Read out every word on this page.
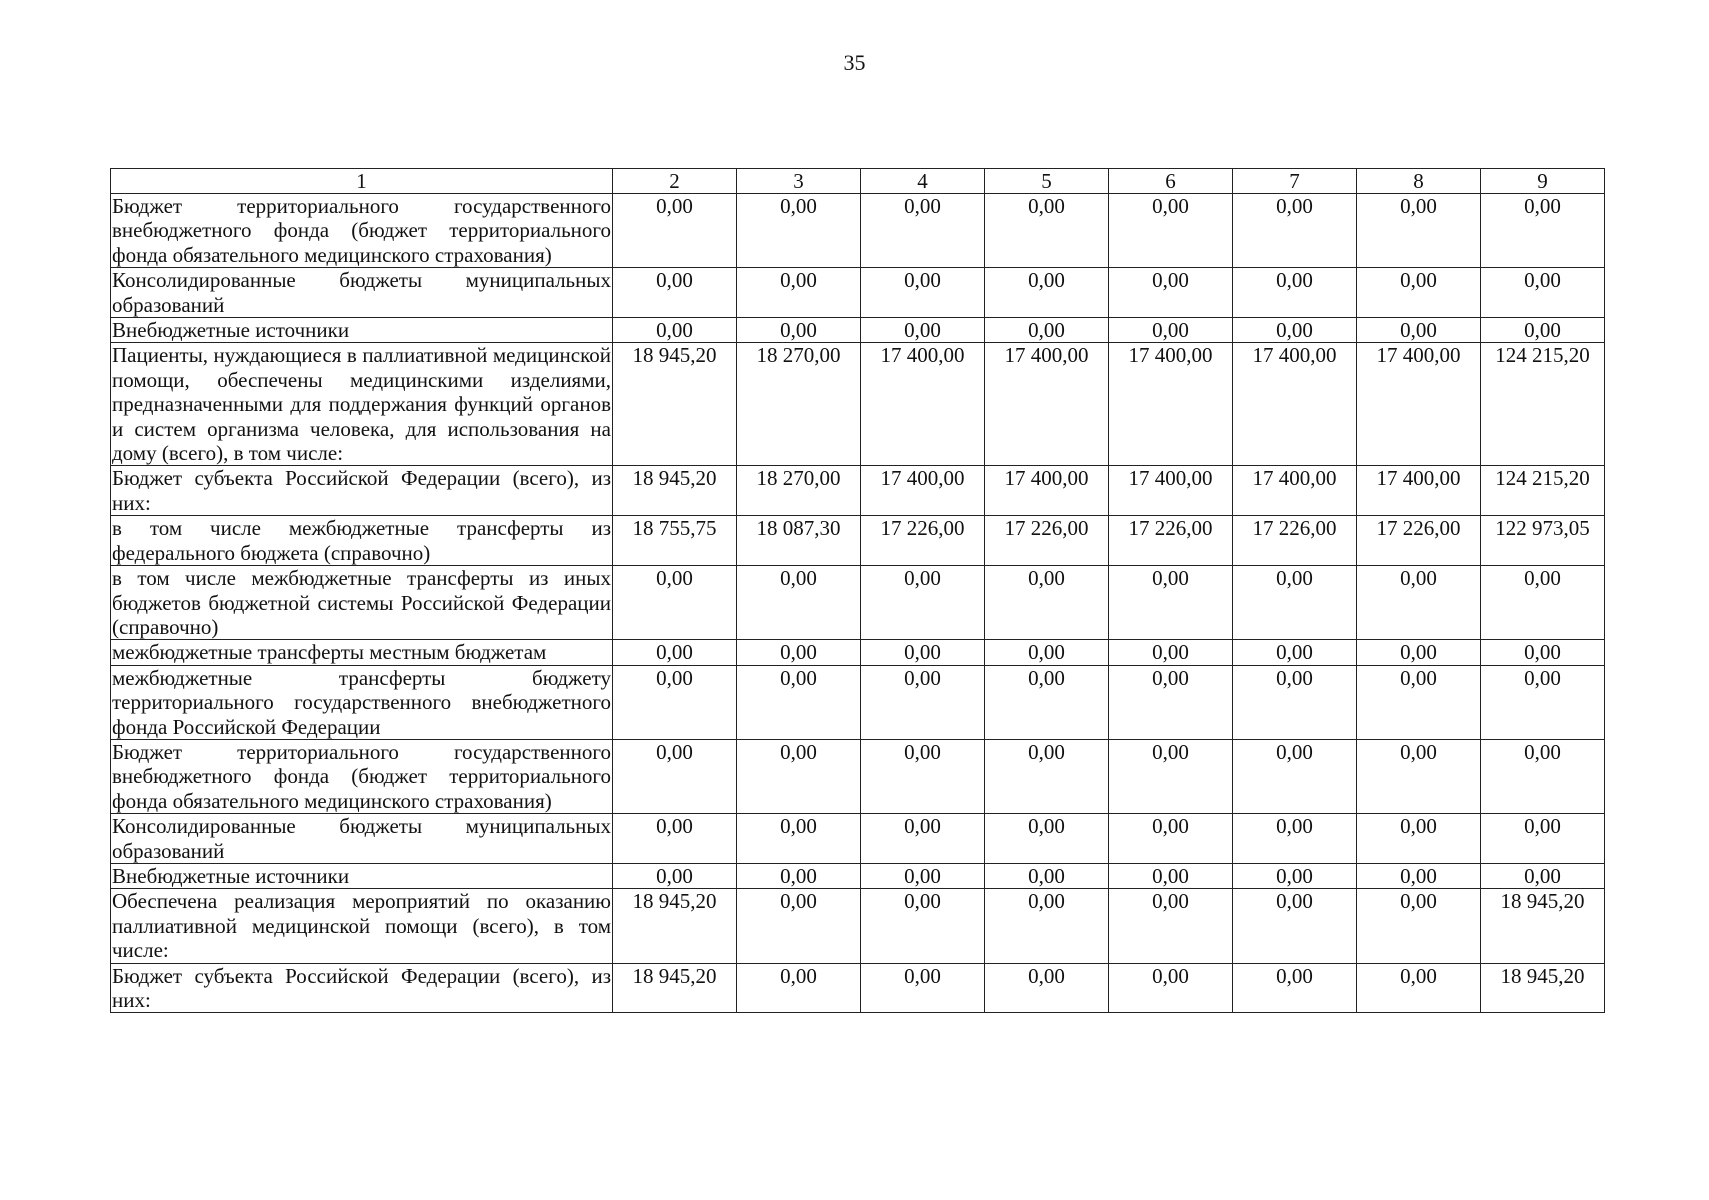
35
1	2	3	4	5	6	7	8	9
Бюджет территориального государственного внебюджетного фонда (бюджет территориального фонда обязательного медицинского страхования)	0,00	0,00	0,00	0,00	0,00	0,00	0,00	0,00
Консолидированные бюджеты муниципальных образований	0,00	0,00	0,00	0,00	0,00	0,00	0,00	0,00
Внебюджетные источники	0,00	0,00	0,00	0,00	0,00	0,00	0,00	0,00
Пациенты, нуждающиеся в паллиативной медицинской помощи, обеспечены медицинскими изделиями, предназначенными для поддержания функций органов и систем организма человека, для использования на дому (всего), в том числе:	18 945,20	18 270,00	17 400,00	17 400,00	17 400,00	17 400,00	17 400,00	124 215,20
Бюджет субъекта Российской Федерации (всего), из них:	18 945,20	18 270,00	17 400,00	17 400,00	17 400,00	17 400,00	17 400,00	124 215,20
в том числе межбюджетные трансферты из федерального бюджета (справочно)	18 755,75	18 087,30	17 226,00	17 226,00	17 226,00	17 226,00	17 226,00	122 973,05
в том числе межбюджетные трансферты из иных бюджетов бюджетной системы Российской Федерации (справочно)	0,00	0,00	0,00	0,00	0,00	0,00	0,00	0,00
межбюджетные трансферты местным бюджетам	0,00	0,00	0,00	0,00	0,00	0,00	0,00	0,00
межбюджетные трансферты бюджету территориального государственного внебюджетного фонда Российской Федерации	0,00	0,00	0,00	0,00	0,00	0,00	0,00	0,00
Бюджет территориального государственного внебюджетного фонда (бюджет территориального фонда обязательного медицинского страхования)	0,00	0,00	0,00	0,00	0,00	0,00	0,00	0,00
Консолидированные бюджеты муниципальных образований	0,00	0,00	0,00	0,00	0,00	0,00	0,00	0,00
Внебюджетные источники	0,00	0,00	0,00	0,00	0,00	0,00	0,00	0,00
Обеспечена реализация мероприятий по оказанию паллиативной медицинской помощи (всего), в том числе:	18 945,20	0,00	0,00	0,00	0,00	0,00	0,00	18 945,20
Бюджет субъекта Российской Федерации (всего), из них:	18 945,20	0,00	0,00	0,00	0,00	0,00	0,00	18 945,20
